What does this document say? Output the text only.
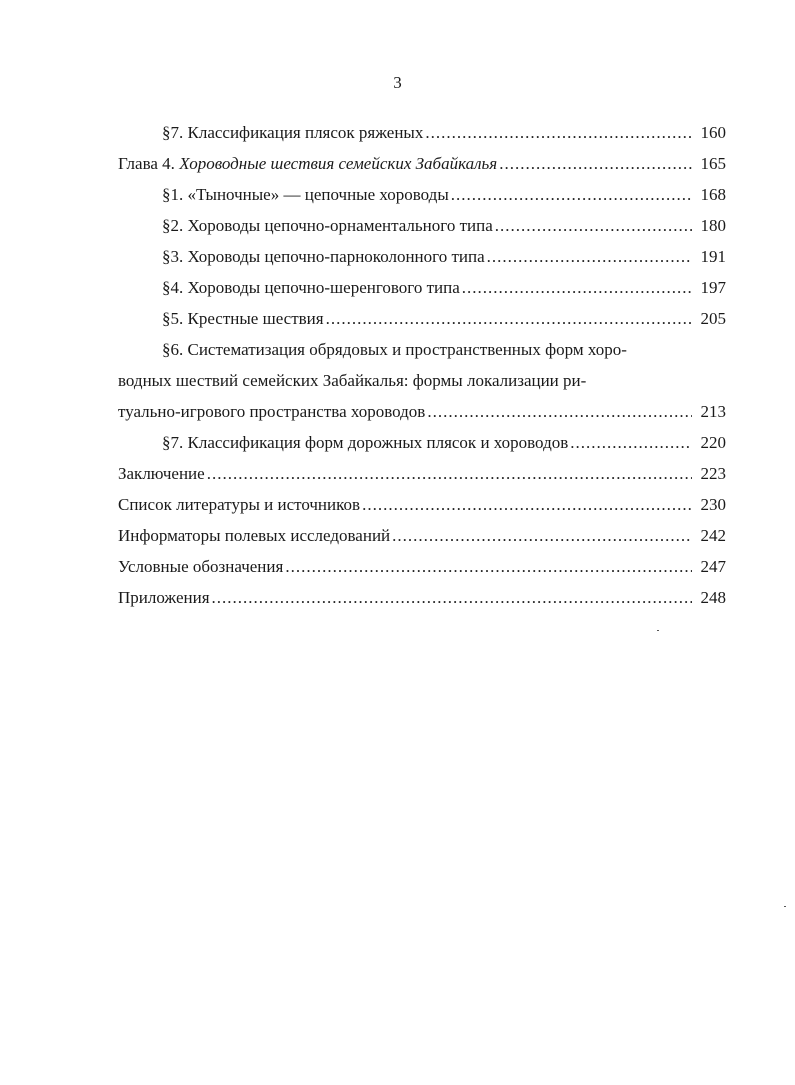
3
§7. Классификация плясок ряженых .....	160
Глава 4. Хороводные шествия семейских Забайкалья .....	165
§1. «Тыночные» — цепочные хороводы .....	168
§2. Хороводы цепочно-орнаментального типа .....	180
§3. Хороводы цепочно-парноколонного типа .....	191
§4. Хороводы цепочно-шеренгового типа .....	197
§5. Крестные шествия .....	205
§6. Систематизация обрядовых и пространственных форм хоро-
водных шествий семейских Забайкалья: формы локализации ри-
туально-игрового пространства хороводов .....	213
§7. Классификация форм дорожных плясок и хороводов .....	220
Заключение .....	223
Список литературы и источников .....	230
Информаторы полевых исследований .....	242
Условные обозначения .....	247
Приложения .....	248
